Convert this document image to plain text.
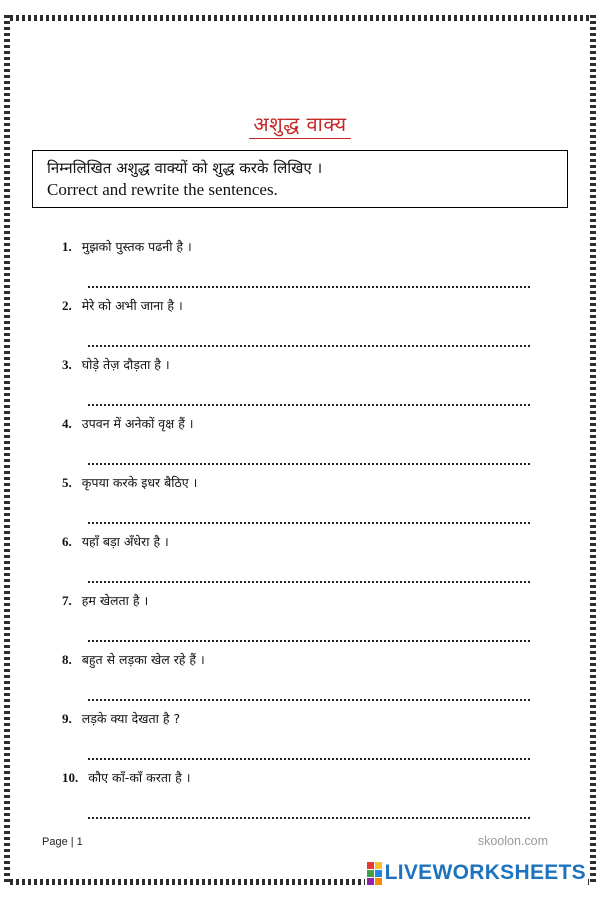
अशुद्ध वाक्य
निम्नलिखित अशुद्ध वाक्यों को शुद्ध करके लिखिए ।
Correct and rewrite the sentences.
1. मुझको पुस्तक पढनी है ।
2. मेरे को अभी जाना है ।
3. घोड़े तेज़ दौड़ता है ।
4. उपवन में अनेकों वृक्ष हैं ।
5. कृपया करके इधर बैठिए ।
6. यहाँ बड़ा अँधेरा है ।
7. हम खेलता है ।
8. बहुत से लड़का खेल रहे हैं ।
9. लड़के क्या देखता है ?
10. कौए काँ-काँ करता है ।
Page | 1	skoolon.com
LIVEWORKSHEETS
